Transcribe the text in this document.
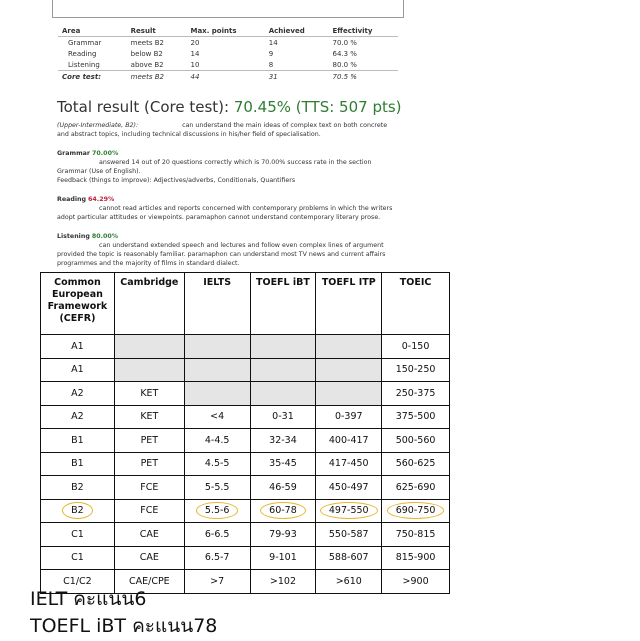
Area	Result	Max. points	Achieved	Effectivity
Grammar	meets B2	20	14	70.0 %
Reading	below B2	14	9	64.3 %
Listening	above B2	10	8	80.0 %
Core test:	meets B2	44	31	70.5 %
Total result (Core test): 70.45% (TTS: 507 pts)
(Upper-Intermediate, B2):	can understand the main ideas of complex text on both concrete and abstract topics, including technical discussions in his/her field of specialisation.
Grammar 70.00%
answered 14 out of 20 questions correctly which is 70.00% success rate in the section
Grammar (Use of English).
Feedback (things to improve): Adjectives/adverbs, Conditionals, Quantifiers
Reading 64.29%
cannot read articles and reports concerned with contemporary problems in which the writers
adopt particular attitudes or viewpoints. paramaphon cannot understand contemporary literary prose.
Listening 80.00%
can understand extended speech and lectures and follow even complex lines of argument
provided the topic is reasonably familiar. paramaphon can understand most TV news and current affairs
programmes and the majority of films in standard dialect.
Common European Framework (CEFR)	Cambridge	IELTS	TOEFL iBT	TOEFL ITP	TOEIC
A1					0-150
A1					150-250
A2	KET				250-375
A2	KET	<4	0-31	0-397	375-500
B1	PET	4-4.5	32-34	400-417	500-560
B1	PET	4.5-5	35-45	417-450	560-625
B2	FCE	5-5.5	46-59	450-497	625-690
B2	FCE	5.5-6	60-78	497-550	690-750
C1	CAE	6-6.5	79-93	550-587	750-815
C1	CAE	6.5-7	9-101	588-607	815-900
C1/C2	CAE/CPE	>7	>102	>610	>900
IELT คะแนน6
TOEFL iBT คะแนน78
